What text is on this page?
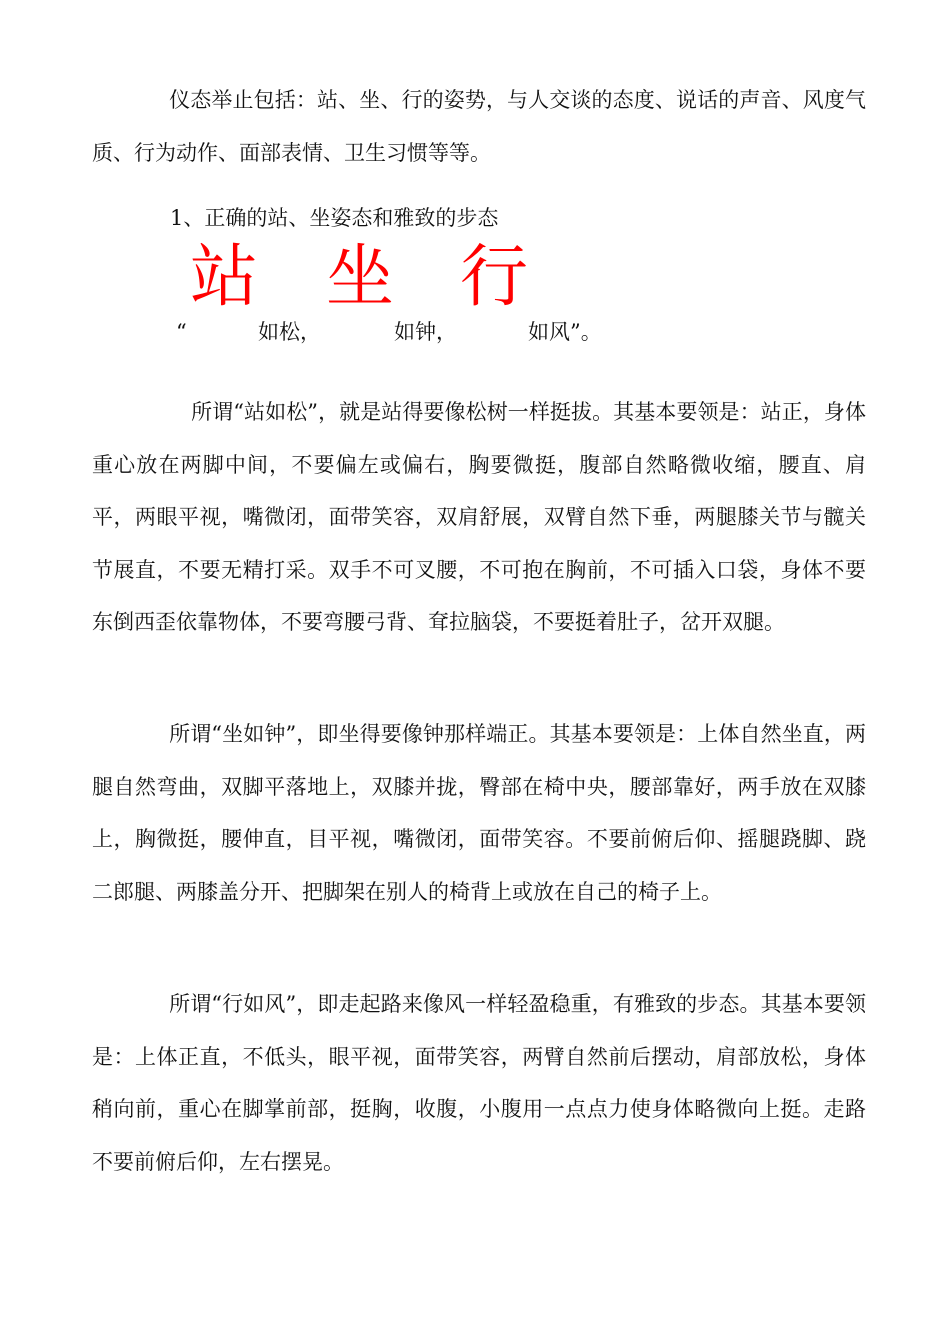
仪态举止包括：站、坐、行的姿势，与人交谈的态度、说话的声音、风度气质、行为动作、面部表情、卫生习惯等等。

1、正确的站、坐姿态和雅致的步态

站 坐 行
“	如松，	如钟，	如风”。

所谓“站如松”，就是站得要像松树一样挺拔。其基本要领是：站正，身体重心放在两脚中间，不要偏左或偏右，胸要微挺，腹部自然略微收缩，腰直、肩平，两眼平视，嘴微闭，面带笑容，双肩舒展，双臂自然下垂，两腿膝关节与髋关节展直，不要无精打采。双手不可叉腰，不可抱在胸前，不可插入口袋，身体不要东倒西歪依靠物体，不要弯腰弓背、耷拉脑袋，不要挺着肚子，岔开双腿。

所谓“坐如钟”，即坐得要像钟那样端正。其基本要领是：上体自然坐直，两腿自然弯曲，双脚平落地上，双膝并拢，臀部在椅中央，腰部靠好，两手放在双膝上，胸微挺，腰伸直，目平视，嘴微闭，面带笑容。不要前俯后仰、摇腿跷脚、跷二郎腿、两膝盖分开、把脚架在别人的椅背上或放在自己的椅子上。

所谓“行如风”，即走起路来像风一样轻盈稳重，有雅致的步态。其基本要领是：上体正直，不低头，眼平视，面带笑容，两臂自然前后摆动，肩部放松，身体稍向前，重心在脚掌前部，挺胸，收腹，小腹用一点点力使身体略微向上挺。走路不要前俯后仰，左右摆晃。
